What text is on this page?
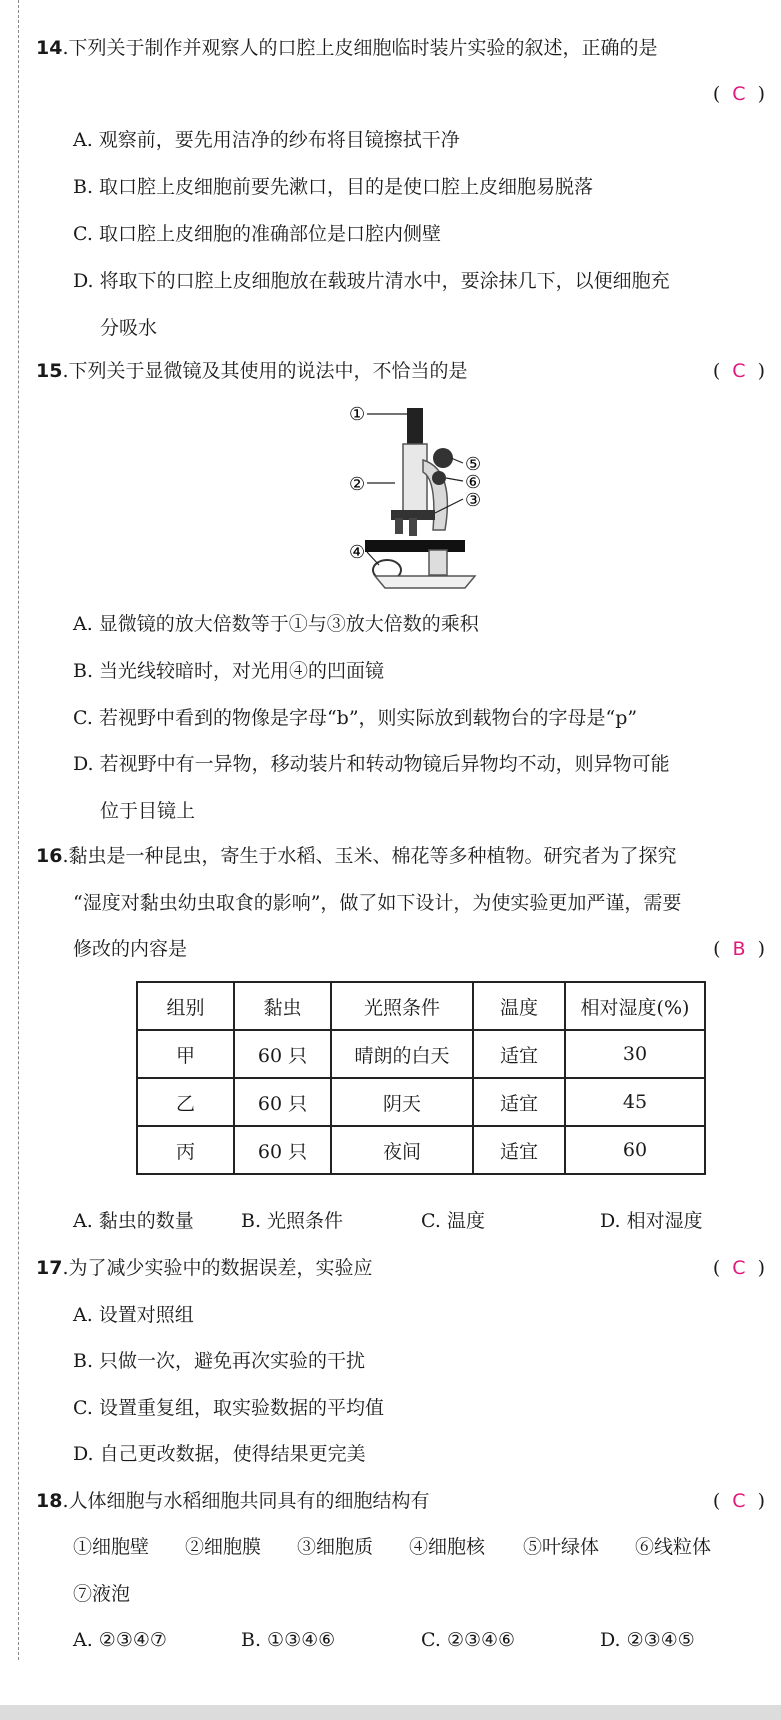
14.下列关于制作并观察人的口腔上皮细胞临时装片实验的叙述，正确的是
( C )
A. 观察前，要先用洁净的纱布将目镜擦拭干净
B. 取口腔上皮细胞前要先漱口，目的是使口腔上皮细胞易脱落
C. 取口腔上皮细胞的准确部位是口腔内侧壁
D. 将取下的口腔上皮细胞放在载玻片清水中，要涂抹几下，以便细胞充
分吸水
15.下列关于显微镜及其使用的说法中，不恰当的是	( C )
①
②
③
④
⑤
⑥
A. 显微镜的放大倍数等于①与③放大倍数的乘积
B. 当光线较暗时，对光用④的凹面镜
C. 若视野中看到的物像是字母“b”，则实际放到载物台的字母是“p”
D. 若视野中有一异物，移动装片和转动物镜后异物均不动，则异物可能
位于目镜上
16.黏虫是一种昆虫，寄生于水稻、玉米、棉花等多种植物。研究者为了探究
“湿度对黏虫幼虫取食的影响”，做了如下设计，为使实验更加严谨，需要
修改的内容是	( B )
组别	黏虫	光照条件	温度	相对湿度(%)
甲	60 只	晴朗的白天	适宜	30
乙	60 只	阴天	适宜	45
丙	60 只	夜间	适宜	60
A. 黏虫的数量 B. 光照条件	C. 温度	D. 相对湿度
17.为了减少实验中的数据误差，实验应	( C )
A. 设置对照组
B. 只做一次，避免再次实验的干扰
C. 设置重复组，取实验数据的平均值
D. 自己更改数据，使得结果更完美
18.人体细胞与水稻细胞共同具有的细胞结构有	( C )
①细胞壁 ②细胞膜 ③细胞质 ④细胞核 ⑤叶绿体 ⑥线粒体
⑦液泡
A. ②③④⑦	B. ①③④⑥	C. ②③④⑥	D. ②③④⑤
